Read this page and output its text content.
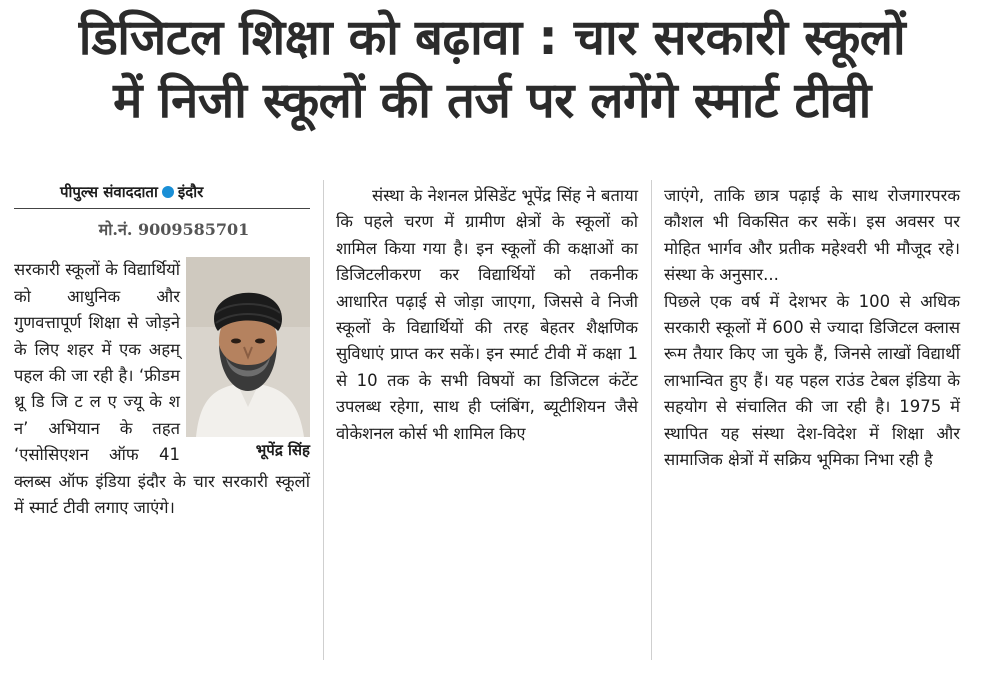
डिजिटल शिक्षा को बढ़ावा : चार सरकारी स्कूलों
में निजी स्कूलों की तर्ज पर लगेंगे स्मार्ट टीवी
पीपुल्स संवाददाता इंदौर
मो.नं. 9009585701
भूपेंद्र सिंह

सरकारी स्कूलों के विद्यार्थियों को आधुनिक और गुणवत्तापूर्ण शिक्षा से जोड़ने के लिए शहर में एक अहम् पहल की जा रही है। ‘फ्रीडम थ्रू डि जि ट ल ए ज्यू के श न’ अभियान के तहत ‘एसोसिएशन ऑफ 41 क्लब्स ऑफ इंडिया इंदौर के चार सरकारी स्कूलों में स्मार्ट टीवी लगाए जाएंगे।

संस्था के नेशनल प्रेसिडेंट भूपेंद्र सिंह ने बताया कि पहले चरण में ग्रामीण क्षेत्रों के स्कूलों को शामिल किया गया है। इन स्कूलों की कक्षाओं का डिजिटलीकरण कर विद्यार्थियों को तकनीक आधारित पढ़ाई से जोड़ा जाएगा, जिससे वे निजी स्कूलों के विद्यार्थियों की तरह बेहतर शैक्षणिक सुविधाएं प्राप्त कर सकें। इन स्मार्ट टीवी में कक्षा 1 से 10 तक के सभी विषयों का डिजिटल कंटेंट उपलब्ध रहेगा, साथ ही प्लंबिंग, ब्यूटीशियन जैसे वोकेशनल कोर्स भी शामिल किए

जाएंगे, ताकि छात्र पढ़ाई के साथ रोजगारपरक कौशल भी विकसित कर सकें। इस अवसर पर मोहित भार्गव और प्रतीक महेश्वरी भी मौजूद रहे। संस्था के अनुसार...

पिछले एक वर्ष में देशभर के 100 से अधिक सरकारी स्कूलों में 600 से ज्यादा डिजिटल क्लास रूम तैयार किए जा चुके हैं, जिनसे लाखों विद्यार्थी लाभान्वित हुए हैं। यह पहल राउंड टेबल इंडिया के सहयोग से संचालित की जा रही है। 1975 में स्थापित यह संस्था देश-विदेश में शिक्षा और सामाजिक क्षेत्रों में सक्रिय भूमिका निभा रही है
